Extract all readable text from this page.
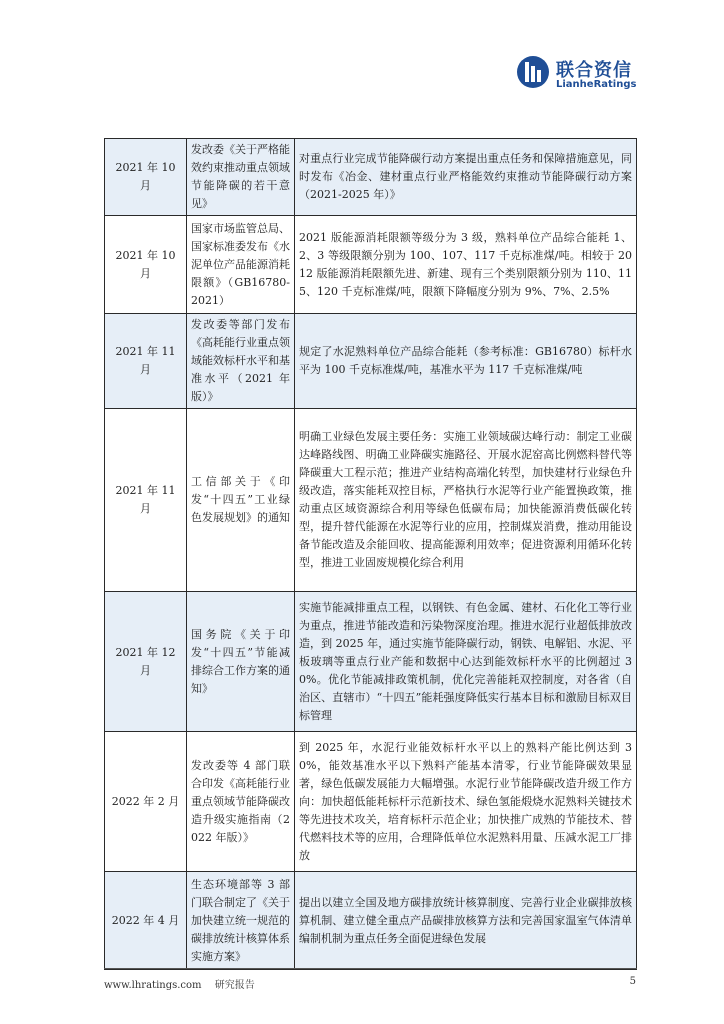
联合资信
LianheRatings
2021 年 10 月	发改委《关于严格能效约束推动重点领域节能降碳的若干意见》	对重点行业完成节能降碳行动方案提出重点任务和保障措施意见，同时发布《冶金、建材重点行业严格能效约束推动节能降碳行动方案（2021-2025 年）》
2021 年 10 月	国家市场监管总局、国家标准委发布《水泥单位产品能源消耗限额》（GB16780-2021）	2021 版能源消耗限额等级分为 3 级，熟料单位产品综合能耗 1、2、3 等级限额分别为 100、107、117 千克标准煤/吨。相较于 2012 版能源消耗限额先进、新建、现有三个类别限额分别为 110、115、120 千克标准煤/吨，限额下降幅度分别为 9%、7%、2.5%
2021 年 11 月	发改委等部门发布《高耗能行业重点领域能效标杆水平和基准水平（2021 年版）》	规定了水泥熟料单位产品综合能耗（参考标准：GB16780）标杆水平为 100 千克标准煤/吨，基准水平为 117 千克标准煤/吨
2021 年 11 月	工信部关于《印发“十四五”工业绿色发展规划》的通知	明确工业绿色发展主要任务：实施工业领域碳达峰行动：制定工业碳达峰路线图、明确工业降碳实施路径、开展水泥窑高比例燃料替代等降碳重大工程示范；推进产业结构高端化转型，加快建材行业绿色升级改造，落实能耗双控目标，严格执行水泥等行业产能置换政策，推动重点区域资源综合利用等绿色低碳布局；加快能源消费低碳化转型，提升替代能源在水泥等行业的应用，控制煤炭消费，推动用能设备节能改造及余能回收、提高能源利用效率；促进资源利用循环化转型，推进工业固废规模化综合利用
2021 年 12 月	国务院《关于印发“十四五”节能减排综合工作方案的通知》	实施节能减排重点工程，以钢铁、有色金属、建材、石化化工等行业为重点，推进节能改造和污染物深度治理。推进水泥行业超低排放改造，到 2025 年，通过实施节能降碳行动，钢铁、电解铝、水泥、平板玻璃等重点行业产能和数据中心达到能效标杆水平的比例超过 30%。优化节能减排政策机制，优化完善能耗双控制度，对各省（自治区、直辖市）“十四五”能耗强度降低实行基本目标和激励目标双目标管理
2022 年 2 月	发改委等 4 部门联合印发《高耗能行业重点领域节能降碳改造升级实施指南（2022 年版）》	到 2025 年，水泥行业能效标杆水平以上的熟料产能比例达到 30%，能效基准水平以下熟料产能基本清零，行业节能降碳效果显著，绿色低碳发展能力大幅增强。水泥行业节能降碳改造升级工作方向：加快超低能耗标杆示范新技术、绿色氢能煅烧水泥熟料关键技术等先进技术攻关，培育标杆示范企业；加快推广成熟的节能技术、替代燃料技术等的应用，合理降低单位水泥熟料用量、压减水泥工厂排放
2022 年 4 月	生态环境部等 3 部门联合制定了《关于加快建立统一规范的碳排放统计核算体系实施方案》	提出以建立全国及地方碳排放统计核算制度、完善行业企业碳排放核算机制、建立健全重点产品碳排放核算方法和完善国家温室气体清单编制机制为重点任务全面促进绿色发展
www.lhratings.com 研究报告	5
